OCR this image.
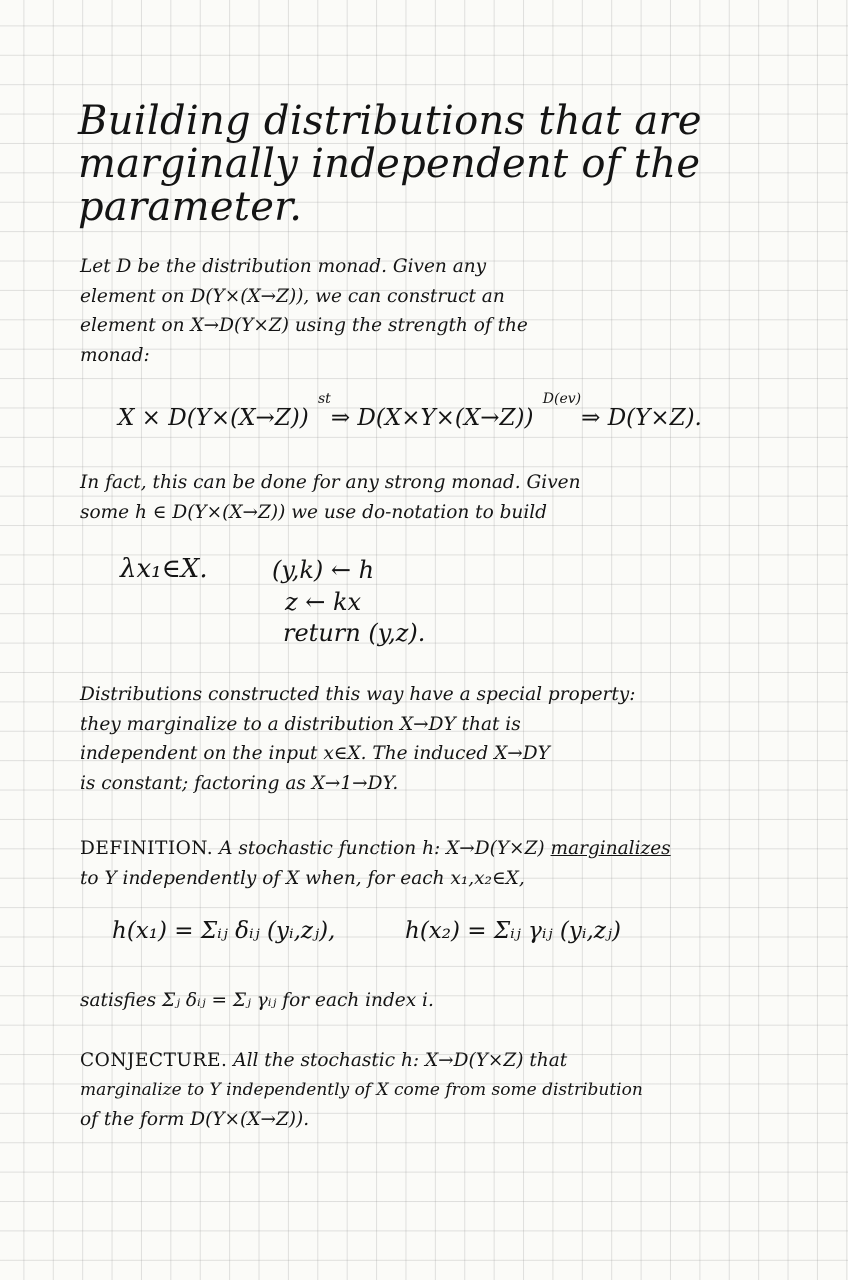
Building distributions that are
marginally independent of the
parameter.

Let D be the distribution monad. Given any
element on D(Y×(X→Z)), we can construct an
element on X→D(Y×Z) using the strength of the
monad:

X × D(Y×(X→Z)) $^{st}$⇒ D(X×Y×(X→Z)) $^{D(ev)}$⇒ D(Y×Z).

In fact, this can be done for any strong monad. Given
some h ∈ D(Y×(X→Z)) we use do-notation to build

λx₁∈X.	(y,k) ← h
z ← kx
return (y,z).

Distributions constructed this way have a special property:
they marginalize to a distribution X→DY that is
independent on the input x∈X. The induced X→DY
is constant; factoring as X→1→DY.

DEFINITION. A stochastic function h: X→D(Y×Z) marginalizes
to Y independently of X when, for each x₁,x₂∈X,

h(x₁) = Σᵢⱼ δᵢⱼ (yᵢ,zⱼ),	h(x₂) = Σᵢⱼ γᵢⱼ (yᵢ,zⱼ)

satisfies Σⱼ δᵢⱼ = Σⱼ γᵢⱼ for each index i.

CONJECTURE. All the stochastic h: X→D(Y×Z) that
marginalize to Y independently of X come from some distribution
of the form D(Y×(X→Z)).
